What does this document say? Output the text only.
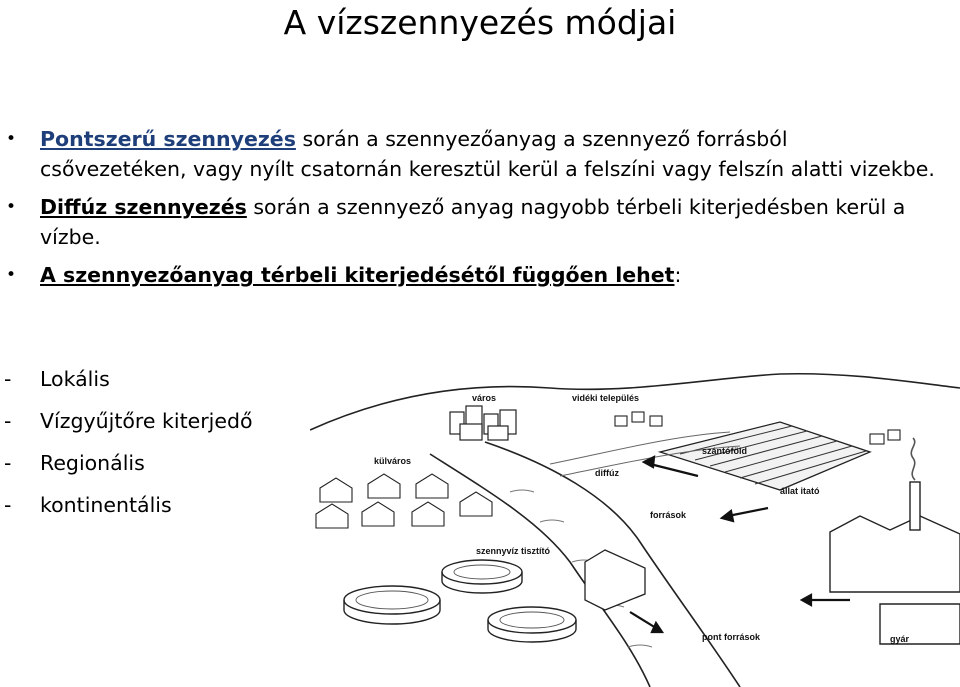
A vízszennyezés módjai
• Pontszerű szennyezés során a szennyezőanyag a szennyező forrásból csővezetéken, vagy nyílt csatornán keresztül kerül a felszíni vagy felszín alatti vizekbe.
• Diffúz szennyezés során a szennyező anyag nagyobb térbeli kiterjedésben kerül a vízbe.
• A szennyezőanyag térbeli kiterjedésétől függően lehet:
- Lokális
- Vízgyűjtőre kiterjedő
- Regionális
- kontinentális
város	vidéki település
külváros
szántóföld
diffúz
források
állat itató
szennyvíz tisztító
pont források	gyár
